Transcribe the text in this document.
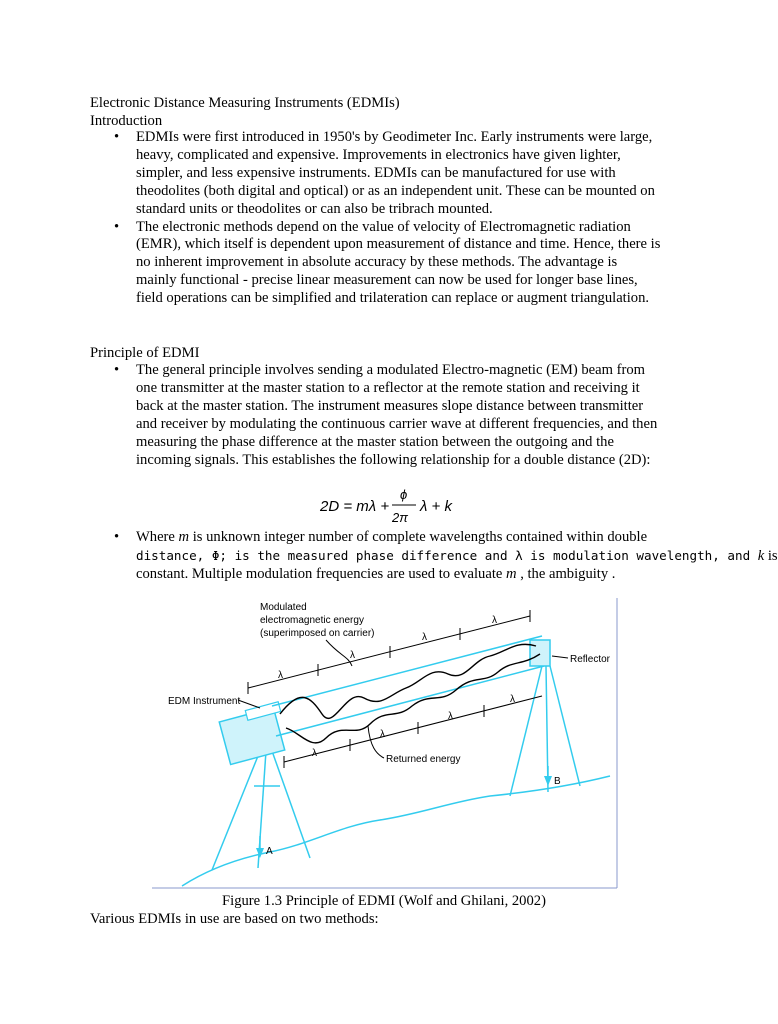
Electronic Distance Measuring Instruments (EDMIs)
Introduction
• EDMIs were first introduced in 1950's by Geodimeter Inc. Early instruments were large,
heavy, complicated and expensive. Improvements in electronics have given lighter,
simpler, and less expensive instruments. EDMIs can be manufactured for use with
theodolites (both digital and optical) or as an independent unit. These can be mounted on
standard units or theodolites or can also be tribrach mounted.
• The electronic methods depend on the value of velocity of Electromagnetic radiation
(EMR), which itself is dependent upon measurement of distance and time. Hence, there is
no inherent improvement in absolute accuracy by these methods. The advantage is
mainly functional - precise linear measurement can now be used for longer base lines,
field operations can be simplified and trilateration can replace or augment triangulation.
Principle of EDMI
• The general principle involves sending a modulated Electro-magnetic (EM) beam from
one transmitter at the master station to a reflector at the remote station and receiving it
back at the master station. The instrument measures slope distance between transmitter
and receiver by modulating the continuous carrier wave at different frequencies, and then
measuring the phase difference at the master station between the outgoing and the
incoming signals. This establishes the following relationship for a double distance (2D):
2D = mλ +
ϕ
2π
λ + k
• Where m is unknown integer number of complete wavelengths contained within double
distance, Φ; is the measured phase difference and λ is modulation wavelength, and k is
constant. Multiple modulation frequencies are used to evaluate m , the ambiguity .
λ
λ
λ
λ
λ
λ
λ
λ
Modulated
electromagnetic energy
(superimposed on carrier)
Reflector
EDM Instrument
Returned energy
A
B
Figure 1.3 Principle of EDMI (Wolf and Ghilani, 2002)
Various EDMIs in use are based on two methods:
